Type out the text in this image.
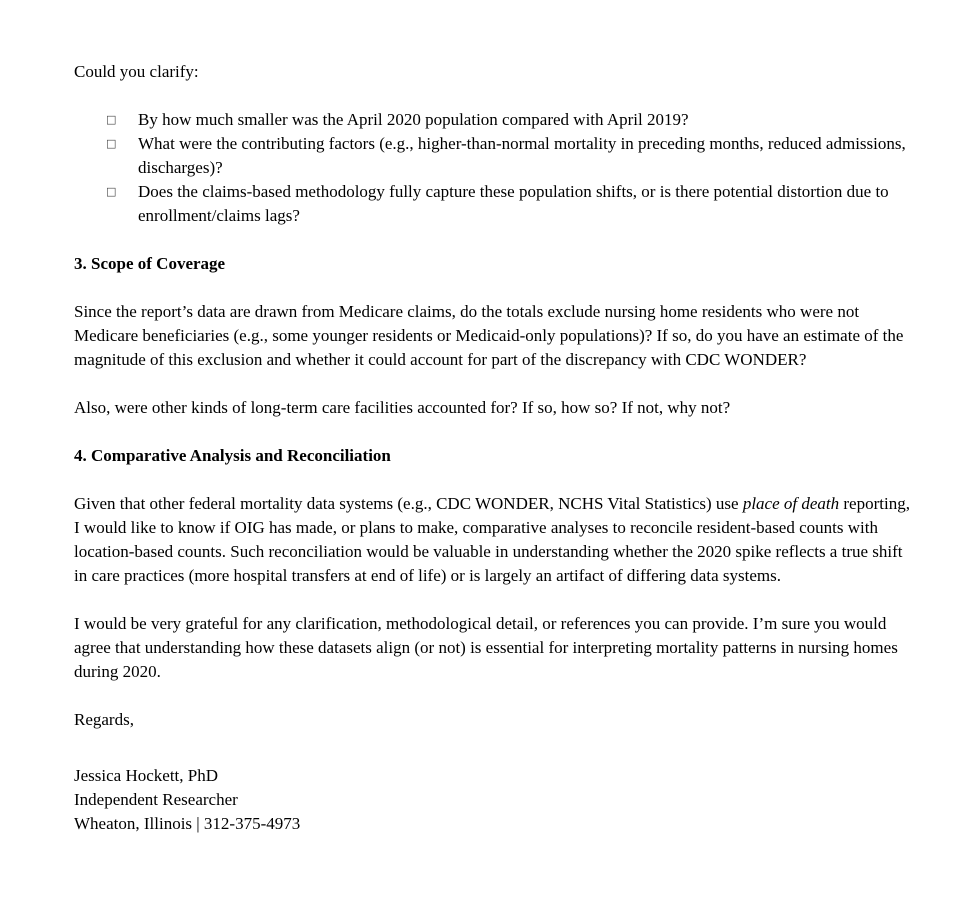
Could you clarify:

□ By how much smaller was the April 2020 population compared with April 2019?
□ What were the contributing factors (e.g., higher-than-normal mortality in preceding months, reduced admissions, discharges)?
□ Does the claims-based methodology fully capture these population shifts, or is there potential distortion due to enrollment/claims lags?

3. Scope of Coverage

Since the report’s data are drawn from Medicare claims, do the totals exclude nursing home residents who were not Medicare beneficiaries (e.g., some younger residents or Medicaid-only populations)? If so, do you have an estimate of the magnitude of this exclusion and whether it could account for part of the discrepancy with CDC WONDER?

Also, were other kinds of long-term care facilities accounted for? If so, how so? If not, why not?

4. Comparative Analysis and Reconciliation

Given that other federal mortality data systems (e.g., CDC WONDER, NCHS Vital Statistics) use place of death reporting, I would like to know if OIG has made, or plans to make, comparative analyses to reconcile resident-based counts with location-based counts. Such reconciliation would be valuable in understanding whether the 2020 spike reflects a true shift in care practices (more hospital transfers at end of life) or is largely an artifact of differing data systems.

I would be very grateful for any clarification, methodological detail, or references you can provide. I’m sure you would agree that understanding how these datasets align (or not) is essential for interpreting mortality patterns in nursing homes during 2020.

Regards,

Jessica Hockett, PhD

Independent Researcher

Wheaton, Illinois | 312-375-4973
